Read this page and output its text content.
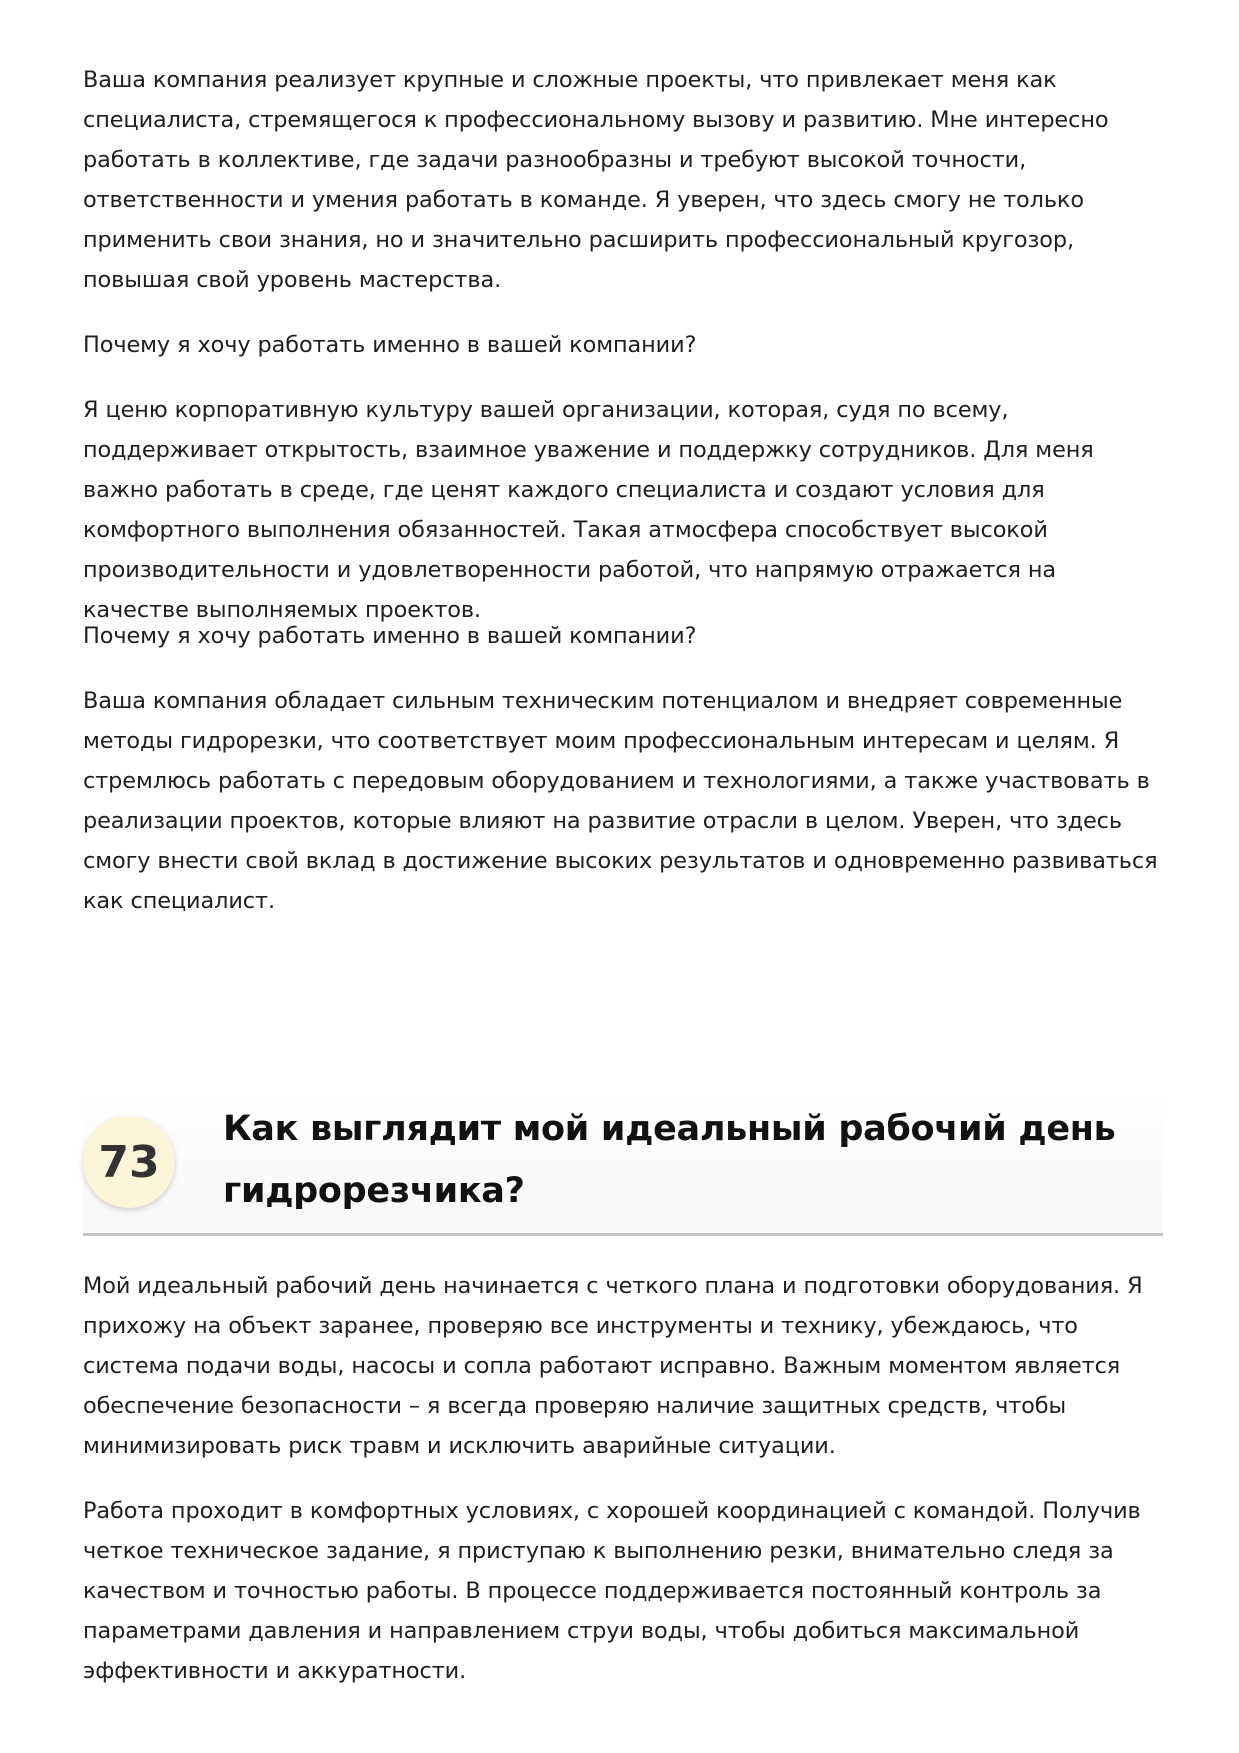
Ваша компания реализует крупные и сложные проекты, что привлекает меня как специалиста, стремящегося к профессиональному вызову и развитию. Мне интересно работать в коллективе, где задачи разнообразны и требуют высокой точности, ответственности и умения работать в команде. Я уверен, что здесь смогу не только применить свои знания, но и значительно расширить профессиональный кругозор, повышая свой уровень мастерства.

Почему я хочу работать именно в вашей компании?

Я ценю корпоративную культуру вашей организации, которая, судя по всему, поддерживает открытость, взаимное уважение и поддержку сотрудников. Для меня важно работать в среде, где ценят каждого специалиста и создают условия для комфортного выполнения обязанностей. Такая атмосфера способствует высокой производительности и удовлетворенности работой, что напрямую отражается на качестве выполняемых проектов.

Почему я хочу работать именно в вашей компании?

Ваша компания обладает сильным техническим потенциалом и внедряет современные методы гидрорезки, что соответствует моим профессиональным интересам и целям. Я стремлюсь работать с передовым оборудованием и технологиями, а также участвовать в реализации проектов, которые влияют на развитие отрасли в целом. Уверен, что здесь смогу внести свой вклад в достижение высоких результатов и одновременно развиваться как специалист.

73
Как выглядит мой идеальный рабочий день гидрорезчика?

Мой идеальный рабочий день начинается с четкого плана и подготовки оборудования. Я прихожу на объект заранее, проверяю все инструменты и технику, убеждаюсь, что система подачи воды, насосы и сопла работают исправно. Важным моментом является обеспечение безопасности – я всегда проверяю наличие защитных средств, чтобы минимизировать риск травм и исключить аварийные ситуации.

Работа проходит в комфортных условиях, с хорошей координацией с командой. Получив четкое техническое задание, я приступаю к выполнению резки, внимательно следя за качеством и точностью работы. В процессе поддерживается постоянный контроль за параметрами давления и направлением струи воды, чтобы добиться максимальной эффективности и аккуратности.
